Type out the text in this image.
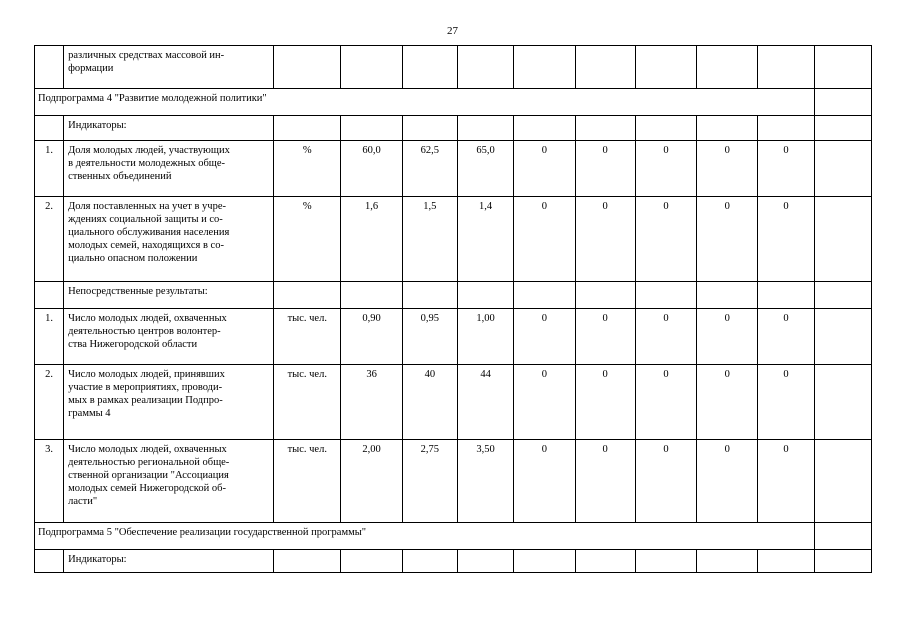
27
	различных средствах массовой ин-
формации										
Подпрограмма 4 "Развитие молодежной политики"											
	Индикаторы:										
1.	Доля молодых людей, участвующих
в деятельности молодежных обще-
ственных объединений	%	60,0	62,5	65,0	0	0	0	0	0	
2.	Доля поставленных на учет в учре-
ждениях социальной защиты и со-
циального обслуживания населения
молодых семей, находящихся в со-
циально опасном положении	%	1,6	1,5	1,4	0	0	0	0	0	
	Непосредственные результаты:										
1.	Число молодых людей, охваченных
деятельностью центров волонтер-
ства Нижегородской области	тыс. чел.	0,90	0,95	1,00	0	0	0	0	0	
2.	Число молодых людей, принявших
участие в мероприятиях, проводи-
мых в рамках реализации Подпро-
граммы 4	тыс. чел.	36	40	44	0	0	0	0	0	
3.	Число молодых людей, охваченных
деятельностью региональной обще-
ственной организации "Ассоциация
молодых семей Нижегородской об-
ласти"	тыс. чел.	2,00	2,75	3,50	0	0	0	0	0	
Подпрограмма 5 "Обеспечение реализации государственной программы"											
	Индикаторы:										
